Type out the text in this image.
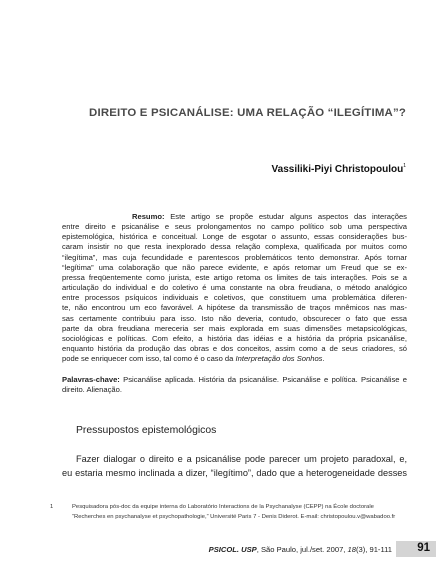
DIREITO E PSICANÁLISE: UMA RELAÇÃO “ILEGÍTIMA”?
Vassiliki-Piyi Christopoulou$^1$
Resumo: Este artigo se propõe estudar alguns aspectos das interações
entre direito e psicanálise e seus prolongamentos no campo político sob uma perspectiva
epistemológica, histórica e conceitual. Longe de esgotar o assunto, essas considerações bus-
caram insistir no que resta inexplorado dessa relação complexa, qualificada por muitos como
“ilegítima”, mas cuja fecundidade e parentescos problemáticos tento demonstrar. Após tornar
“legítima” uma colaboração que não parece evidente, e após retomar um Freud que se ex-
pressa freqüentemente como jurista, este artigo retoma os limites de tais interações. Pois se a
articulação do individual e do coletivo é uma constante na obra freudiana, o método analógico
entre processos psíquicos individuais e coletivos, que constituem uma problemática diferen-
te, não encontrou um eco favorável. A hipótese da transmissão de traços mnêmicos nas mas-
sas certamente contribuiu para isso. Isto não deveria, contudo, obscurecer o fato que essa
parte da obra freudiana mereceria ser mais explorada em suas dimensões metapsicológicas,
sociológicas e políticas. Com efeito, a história das idéias e a história da própria psicanálise,
enquanto história da produção das obras e dos conceitos, assim como a de seus criadores, só
pode se enriquecer com isso, tal como é o caso da Interpretação dos Sonhos.
Palavras-chave: Psicanálise aplicada. História da psicanálise. Psicanálise e política. Psicanálise e
direito. Alienação.
Pressupostos epistemológicos
Fazer dialogar o direito e a psicanálise pode parecer um projeto paradoxal, e,
eu estaria mesmo inclinada a dizer, “ilegítimo”, dado que a heterogeneidade desses
1	Pesquisadora pós-doc da equipe interna do Laboratório Interactions de la Psychanalyse (CEPP) na École doctorale
“Recherches en psychanalyse et psychopathologie,” Université Paris 7 - Denis Diderot. E-mail: christopoulou.v@wabadoo.fr
PSICOL. USP, São Paulo, jul./set. 2007, 18(3), 91-111 91
